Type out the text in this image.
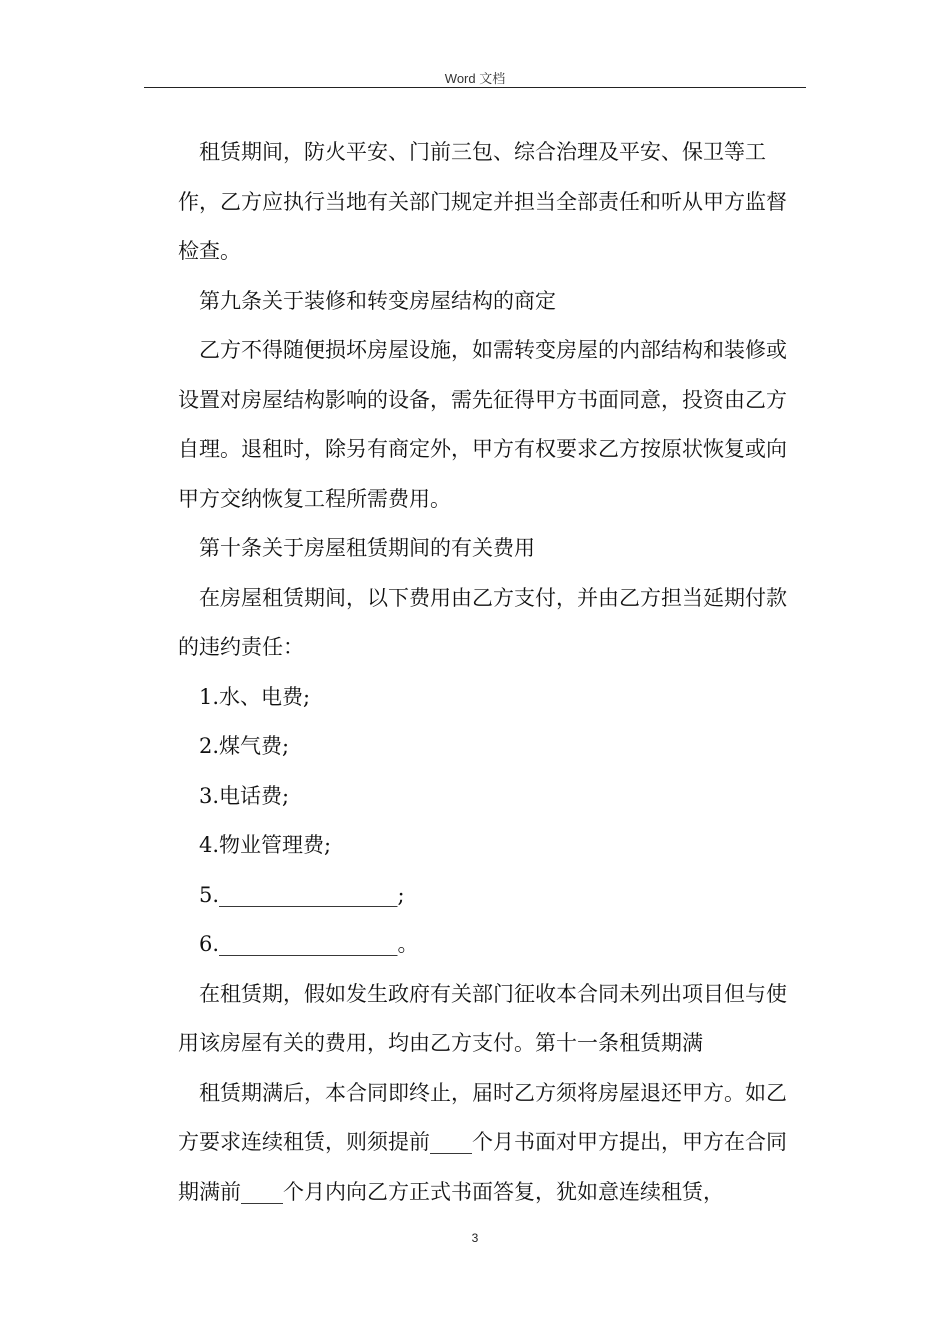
Word 文档

租赁期间，防火平安、门前三包、综合治理及平安、保卫等工作，乙方应执行当地有关部门规定并担当全部责任和听从甲方监督检查。

第九条关于装修和转变房屋结构的商定

乙方不得随便损坏房屋设施，如需转变房屋的内部结构和装修或设置对房屋结构影响的设备，需先征得甲方书面同意，投资由乙方自理。退租时，除另有商定外，甲方有权要求乙方按原状恢复或向甲方交纳恢复工程所需费用。

第十条关于房屋租赁期间的有关费用

在房屋租赁期间，以下费用由乙方支付，并由乙方担当延期付款的违约责任：

1.水、电费;

2.煤气费;

3.电话费;

4.物业管理费;

5._________________;

6._________________。

在租赁期，假如发生政府有关部门征收本合同未列出项目但与使用该房屋有关的费用，均由乙方支付。第十一条租赁期满

租赁期满后，本合同即终止，届时乙方须将房屋退还甲方。如乙方要求连续租赁，则须提前____个月书面对甲方提出，甲方在合同期满前____个月内向乙方正式书面答复，犹如意连续租赁，

3
